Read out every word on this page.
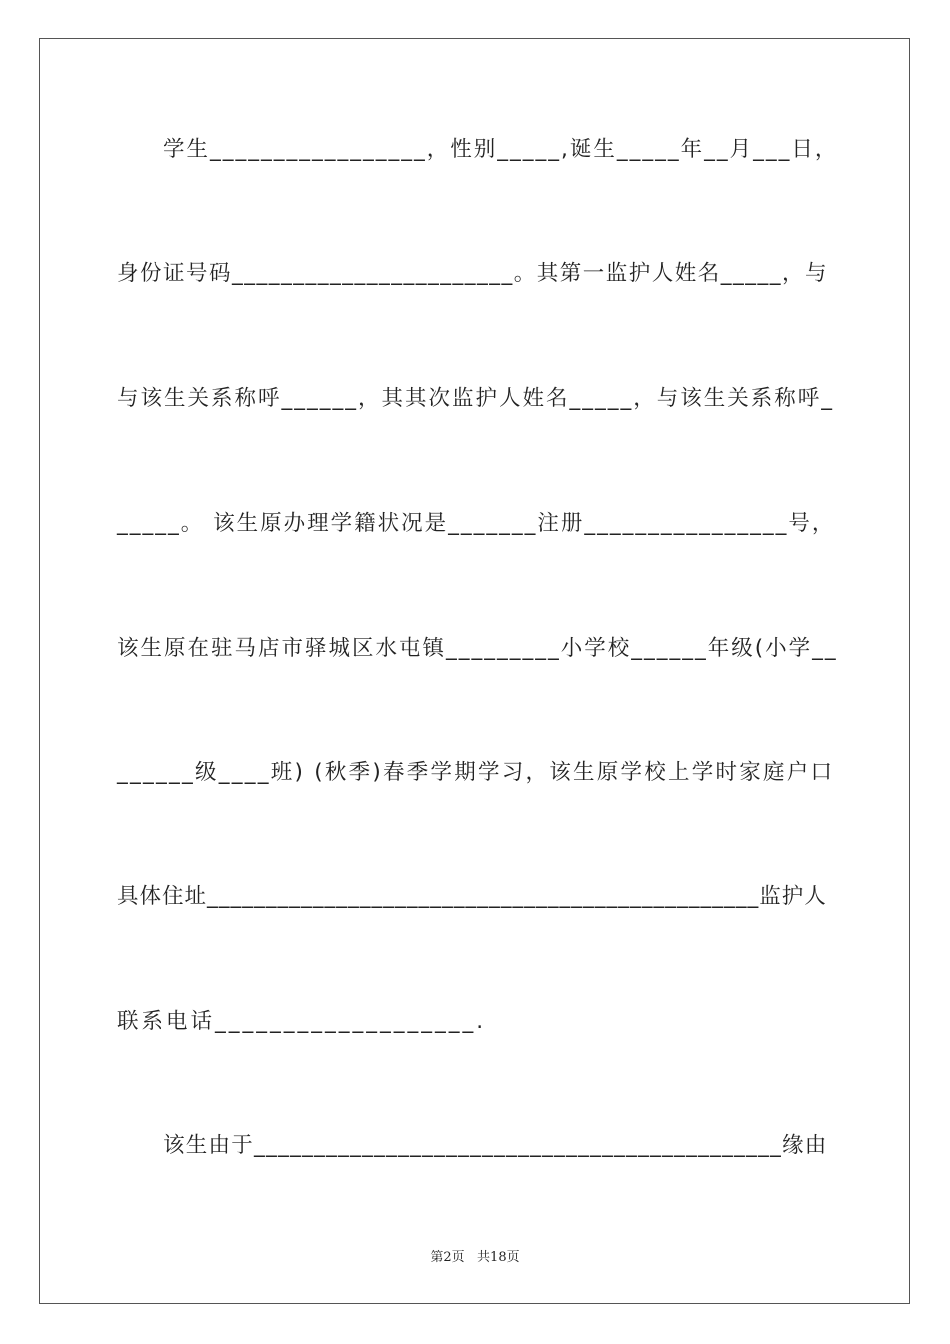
学生_________________，性别_____,诞生_____年__月___日，
身份证号码_______________________。其第一监护人姓名_____，与
与该生关系称呼______，其其次监护人姓名_____，与该生关系称呼_
_____。 该生原办理学籍状况是_______注册________________号，
该生原在驻马店市驿城区水屯镇_________小学校______年级(小学__
______级____班) (秋季)春季学期学习，该生原学校上学时家庭户口
具体住址_______________________________________________监护人
联系电话___________________.
该生由于____________________________________________缘由
第2页   共18页
